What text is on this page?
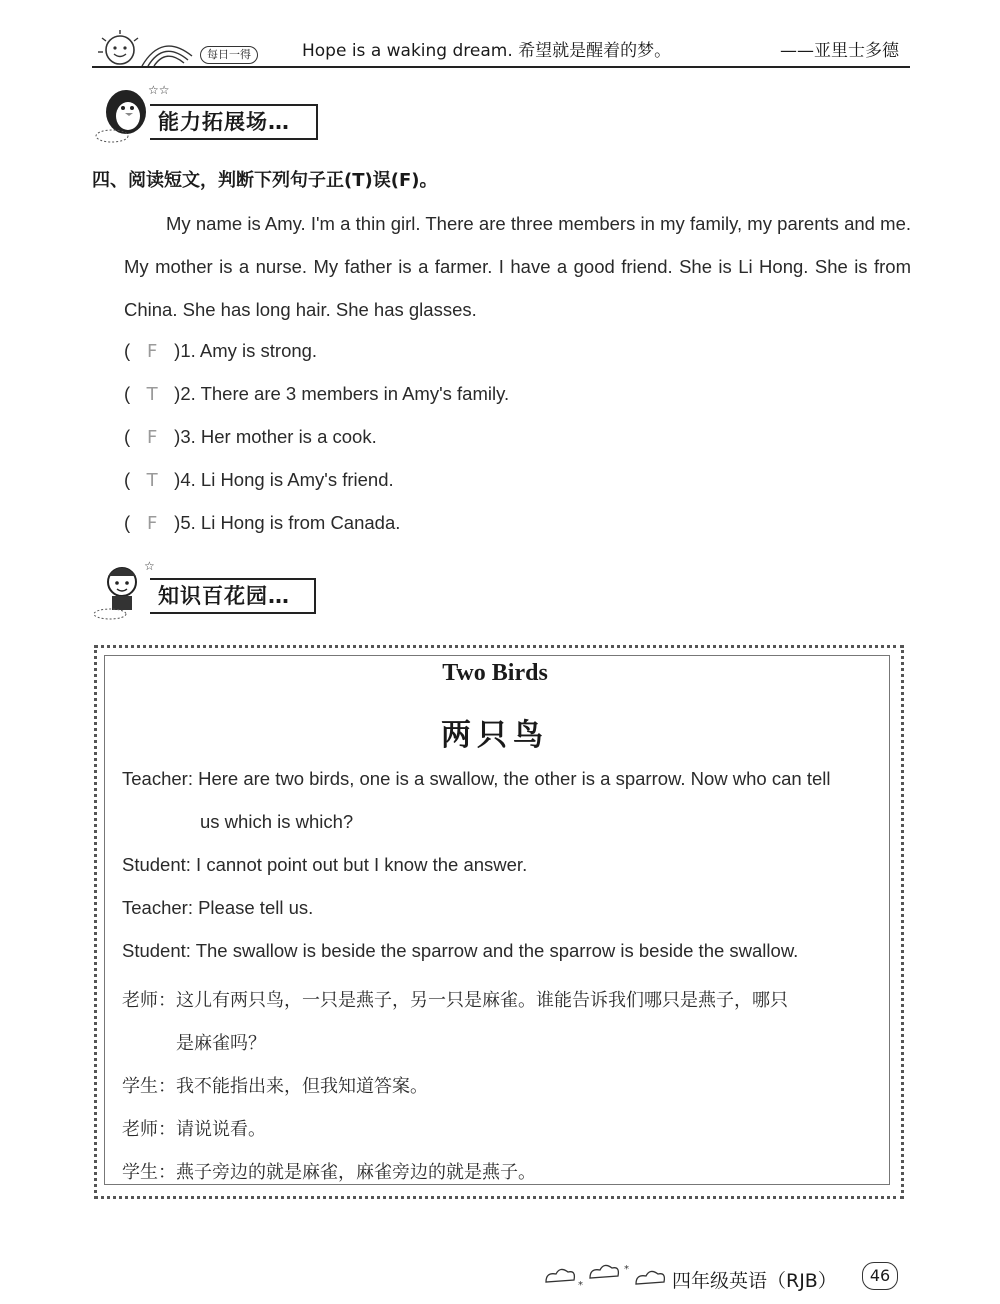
每日一得	Hope is a waking dream. 希望就是醒着的梦。	——亚里士多德
☆☆
能力拓展场…
四、阅读短文，判断下列句子正(T)误(F)。
My name is Amy. I'm a thin girl. There are three members in my family, my parents and me. My mother is a nurse. My father is a farmer. I have a good friend. She is Li Hong. She is from China. She has long hair. She has glasses.
( F )1. Amy is strong.
( T )2. There are 3 members in Amy's family.
( F )3. Her mother is a cook.
( T )4. Li Hong is Amy's friend.
( F )5. Li Hong is from Canada.
☆
知识百花园…
Two Birds
两只鸟
Teacher: Here are two birds, one is a swallow, the other is a sparrow. Now who can tell
us which is which?
Student: I cannot point out but I know the answer.
Teacher: Please tell us.
Student: The swallow is beside the sparrow and the sparrow is beside the swallow.
老师：这儿有两只鸟，一只是燕子，另一只是麻雀。谁能告诉我们哪只是燕子，哪只
是麻雀吗？
学生：我不能指出来，但我知道答案。
老师：请说说看。
学生：燕子旁边的就是麻雀，麻雀旁边的就是燕子。
*
*
四年级英语（RJB）	46
